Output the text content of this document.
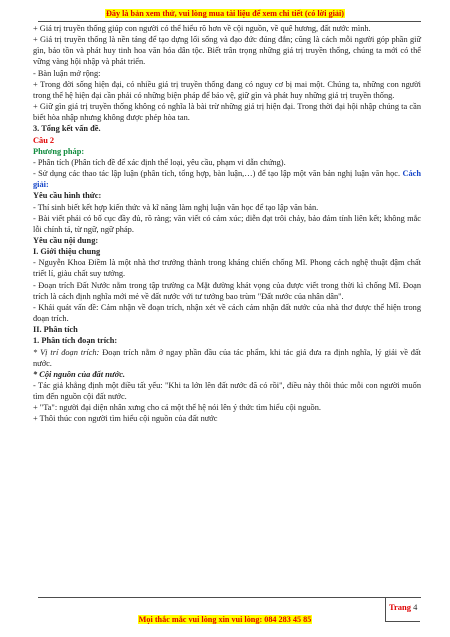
Đây là bản xem thử, vui lòng mua tài liệu để xem chi tiết (có lời giải)

+ Giá trị truyền thống giúp con người có thể hiểu rõ hơn về cội nguồn, về quê hương, đất nước mình.

+ Giá trị truyền thống là nền tảng để tạo dựng lối sống và đạo đức đúng đắn; cũng là cách mỗi người góp phần giữ gìn, bảo tồn và phát huy tinh hoa văn hóa dân tộc. Biết trân trọng những giá trị truyền thống, chúng ta mới có thể vững vàng hội nhập và phát triển.

- Bàn luận mở rộng:

+ Trong đời sống hiện đại, có nhiều giá trị truyền thống đang có nguy cơ bị mai một. Chúng ta, những con người trong thế hệ hiện đại cần phải có những biện pháp để bảo vệ, giữ gìn và phát huy những giá trị truyền thống.

+ Giữ gìn giá trị truyền thống không có nghĩa là bài trừ những giá trị hiện đại. Trong thời đại hội nhập chúng ta cần biết hòa nhập nhưng không được phép hòa tan.

3. Tổng kết vấn đề.

Câu 2

Phương pháp:

- Phân tích (Phân tích đề để xác định thể loại, yêu cầu, phạm vi dẫn chứng).

- Sử dụng các thao tác lập luận (phân tích, tổng hợp, bàn luận,…) để tạo lập một văn bản nghị luận văn học. Cách giải:

Yêu cầu hình thức:

- Thí sinh biết kết hợp kiến thức và kĩ năng làm nghị luận văn học để tạo lập văn bản.

- Bài viết phải có bố cục đầy đủ, rõ ràng; văn viết có cảm xúc; diễn đạt trôi chảy, bảo đảm tính liên kết; không mắc lỗi chính tả, từ ngữ, ngữ pháp.

Yêu cầu nội dung:

I. Giới thiệu chung

- Nguyễn Khoa Điềm là một nhà thơ trưởng thành trong kháng chiến chống Mĩ. Phong cách nghệ thuật đậm chất triết lí, giàu chất suy tưởng.

- Đoạn trích Đất Nước nằm trong tập trường ca Mặt đường khát vọng của được viết trong thời kì chống Mĩ. Đoạn trích là cách định nghĩa mới mẻ về đất nước với tư tưởng bao trùm "Đất nước của nhân dân".

- Khái quát vấn đề: Cảm nhận về đoạn trích, nhận xét về cách cảm nhận đất nước của nhà thơ được thể hiện trong đoạn trích.

II. Phân tích

1. Phân tích đoạn trích:

* Vị trí đoạn trích: Đoạn trích nằm ở ngay phần đầu của tác phẩm, khi tác giả đưa ra định nghĩa, lý giải về đất nước.

* Cội nguồn của đất nước.

- Tác giả khẳng định một điều tất yếu: "Khi ta lớn lên đất nước đã có rồi", điều này thôi thúc mỗi con người muốn tìm đến nguồn cội đất nước.

+ "Ta": người đại diện nhân xưng cho cả một thế hệ nói lên ý thức tìm hiểu cội nguồn.

+ Thôi thúc con người tìm hiểu cội nguồn của đất nước

Trang 4
Mọi thắc mắc vui lòng xin vui lòng: 084 283 45 85
